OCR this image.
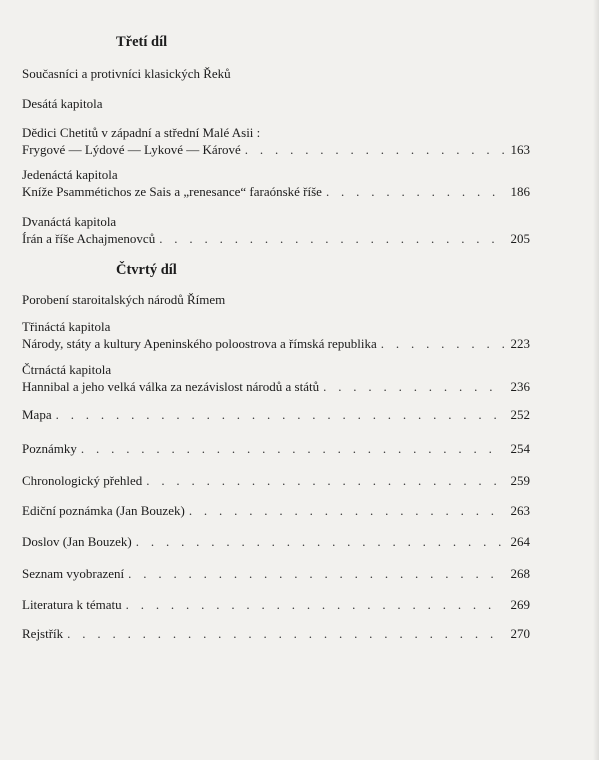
Třetí díl
Současníci a protivníci klasických Řeků
Desátá kapitola
Dědici Chetitů v západní a střední Malé Asii :
Frygové — Lýdové — Lykové — Kárové . . .	163
Jedenáctá kapitola
Kníže Psammétichos ze Sais a „renesance“ faraónské říše . . .	186
Dvanáctá kapitola
Írán a říše Achajmenovců . . .	205
Čtvrtý díl
Porobení staroitalských národů Římem
Třináctá kapitola
Národy, státy a kultury Apeninského poloostrova a římská republika . . .	223
Čtrnáctá kapitola
Hannibal a jeho velká válka za nezávislost národů a států . . .	236
Mapa . . .	252
Poznámky . . .	254
Chronologický přehled . . .	259
Ediční poznámka (Jan Bouzek) . . .	263
Doslov (Jan Bouzek) . . .	264
Seznam vyobrazení . . .	268
Literatura k tématu . . .	269
Rejstřík . . .	270
